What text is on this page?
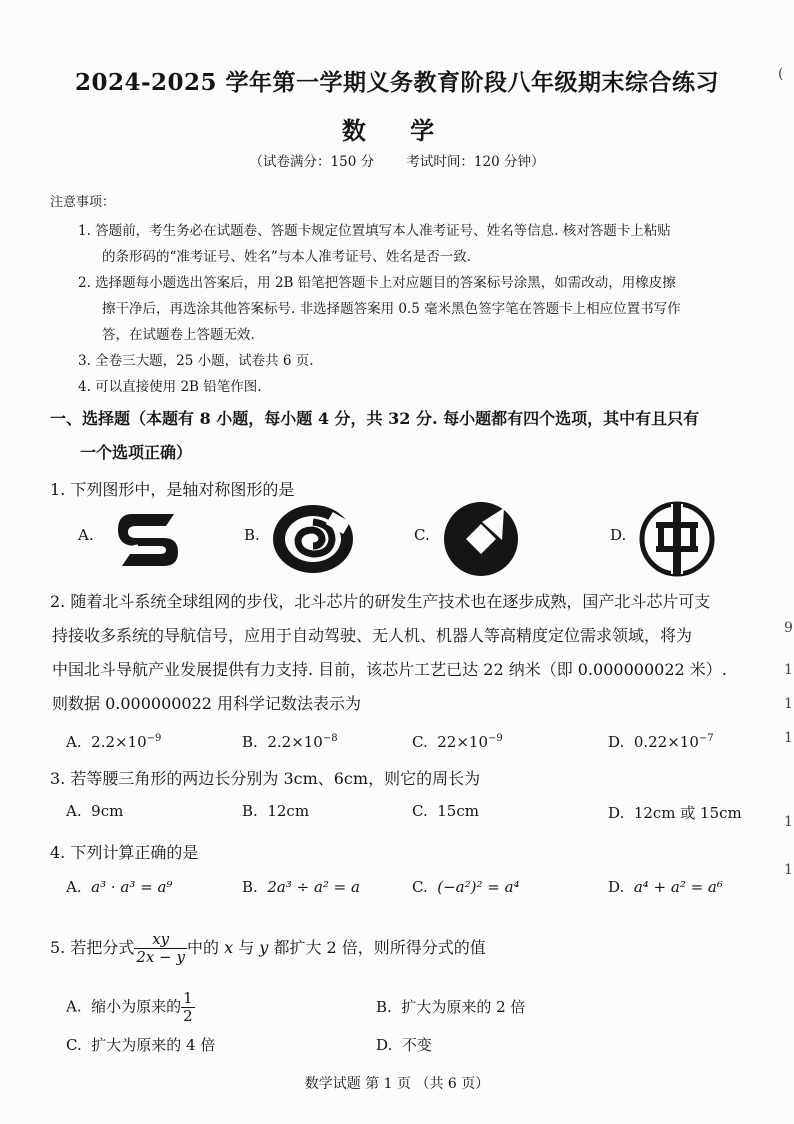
2024-2025 学年第一学期义务教育阶段八年级期末综合练习
数 学
（试卷满分：150 分 考试时间：120 分钟）
注意事项：
1. 答题前，考生务必在试题卷、答题卡规定位置填写本人准考证号、姓名等信息. 核对答题卡上粘贴
的条形码的“准考证号、姓名”与本人准考证号、姓名是否一致.
2. 选择题每小题选出答案后，用 2B 铅笔把答题卡上对应题目的答案标号涂黑，如需改动，用橡皮擦
擦干净后，再选涂其他答案标号. 非选择题答案用 0.5 毫米黑色签字笔在答题卡上相应位置书写作
答，在试题卷上答题无效.
3. 全卷三大题，25 小题，试卷共 6 页.
4. 可以直接使用 2B 铅笔作图.
一、选择题（本题有 8 小题，每小题 4 分，共 32 分. 每小题都有四个选项，其中有且只有
一个选项正确）
1. 下列图形中，是轴对称图形的是
A.	B.	C.	D.
2. 随着北斗系统全球组网的步伐，北斗芯片的研发生产技术也在逐步成熟，国产北斗芯片可支
持接收多系统的导航信号，应用于自动驾驶、无人机、机器人等高精度定位需求领域，将为
中国北斗导航产业发展提供有力支持. 目前，该芯片工艺已达 22 纳米（即 0.000000022 米）.
则数据 0.000000022 用科学记数法表示为
A. $2.2\times 10^{-9}$	B. $2.2\times 10^{-8}$	C. $22\times 10^{-9}$	D. $0.22\times 10^{-7}$
3. 若等腰三角形的两边长分别为 3cm、6cm，则它的周长为
A. 9cm	B. 12cm	C. 15cm	D. 12cm 或 15cm
4. 下列计算正确的是
A. a³ · a³ = a⁹	B. 2a³ ÷ a² = a	C. (−a²)² = a⁴	D. a⁴ + a² = a⁶
5. 若把分式 $\frac{xy}{2x - y}$ 中的 x 与 y 都扩大 2 倍，则所得分式的值
A. 缩小为原来的 $\frac{1}{2}$	B. 扩大为原来的 2 倍
C. 扩大为原来的 4 倍	D. 不变
数学试题 第 1 页 （共 6 页）
(
9
1
1
1
1
1
